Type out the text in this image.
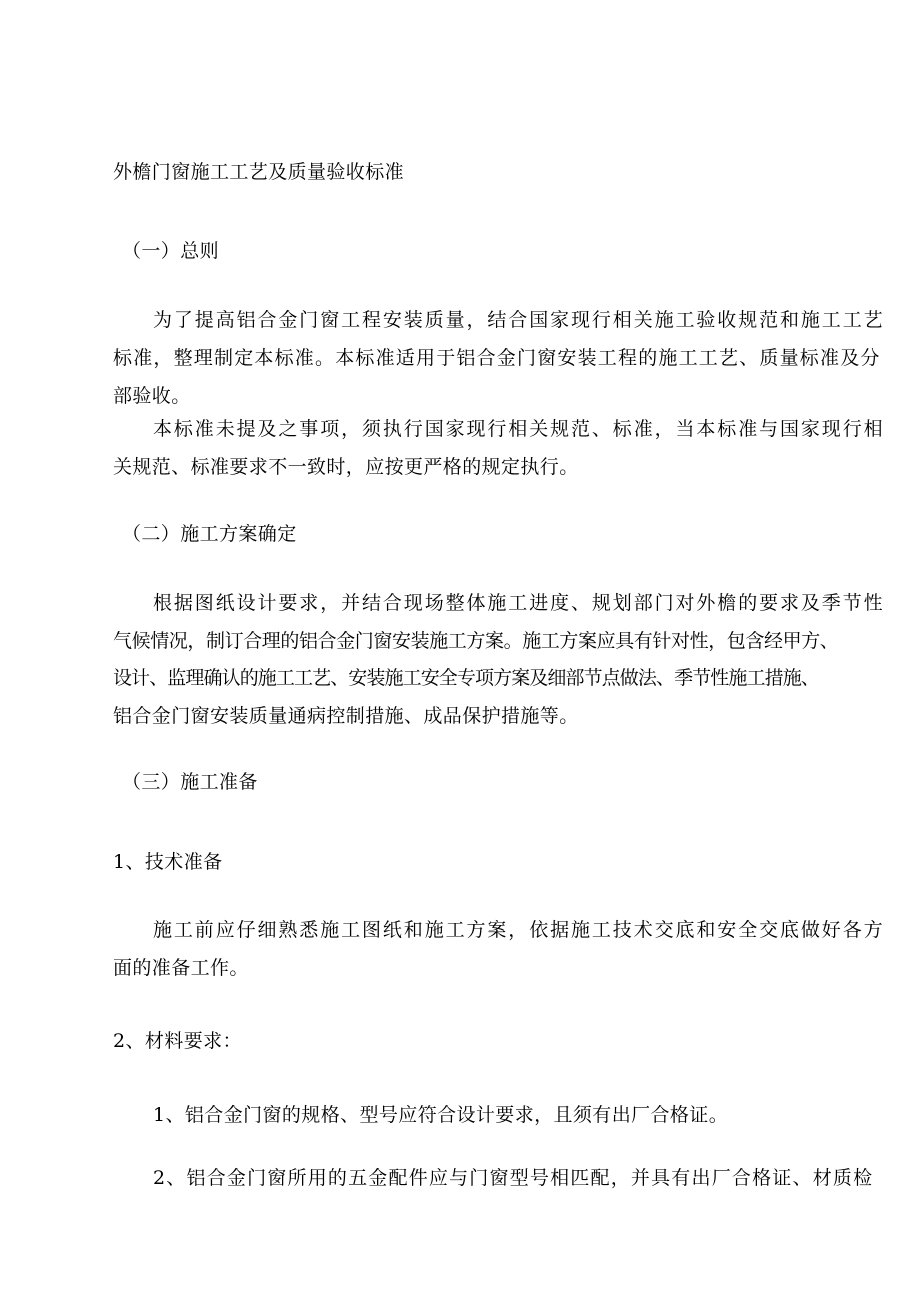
外檐门窗施工工艺及质量验收标准
（一）总则
为了提高铝合金门窗工程安装质量，结合国家现行相关施工验收规范和施工工艺
标准，整理制定本标准。本标准适用于铝合金门窗安装工程的施工工艺、质量标准及分
部验收。
本标准未提及之事项，须执行国家现行相关规范、标准，当本标准与国家现行相
关规范、标准要求不一致时，应按更严格的规定执行。
（二）施工方案确定
根据图纸设计要求，并结合现场整体施工进度、规划部门对外檐的要求及季节性
气候情况，制订合理的铝合金门窗安装施工方案。施工方案应具有针对性，包含经甲方、
设计、监理确认的施工工艺、安装施工安全专项方案及细部节点做法、季节性施工措施、
铝合金门窗安装质量通病控制措施、成品保护措施等。
（三）施工准备
1、技术准备
施工前应仔细熟悉施工图纸和施工方案，依据施工技术交底和安全交底做好各方
面的准备工作。
2、材料要求：
1、铝合金门窗的规格、型号应符合设计要求，且须有出厂合格证。
2、铝合金门窗所用的五金配件应与门窗型号相匹配，并具有出厂合格证、材质检
